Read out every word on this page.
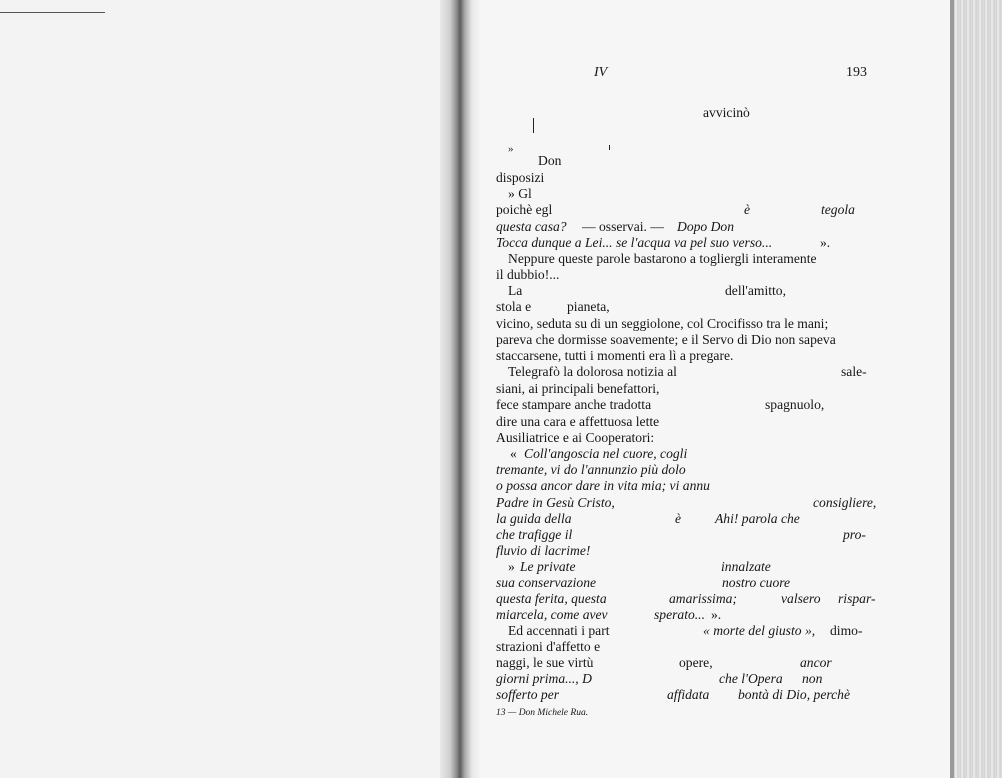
IV	193
avvicinò
»
Don
disposizi
» Gl
poichè egl	è	tegola
questa casa? — osservai. — Dopo Don
Tocca dunque a Lei... se l'acqua va pel suo verso...	».
Neppure queste parole bastarono a togliergli interamente
il dubbio!...
La	dell'amitto,
stola e	pianeta,
vicino, seduta su di un seggiolone, col Crocifisso tra le mani;
pareva che dormisse soavemente; e il Servo di Dio non sapeva
staccarsene, tutti i momenti era lì a pregare.
Telegrafò la dolorosa notizia al	sale-
siani, ai principali benefattori,
fece stampare anche tradotta	spagnuolo,
dire una cara e affettuosa lette
Ausiliatrice e ai Cooperatori:
« Coll'angoscia nel cuore, cogli
tremante, vi do l'annunzio più dolo
o possa ancor dare in vita mia; vi annu
Padre in Gesù Cristo,	consigliere,
la guida della	è Ahi! parola che
che trafigge il	pro-
fluvio di lacrime!
» Le private	innalzate
sua conservazione	nostro cuore
questa ferita, questa	amarissima;	valsero rispar-
miarcela, come avev	sperato... ».
Ed accennati i part	« morte del giusto », dimo-
strazioni d'affetto e
naggi, le sue virtù	opere,	ancor
giorni prima..., D	che l'Opera non
sofferto per	affidata bontà di Dio, perchè
13 — Don Michele Rua.
